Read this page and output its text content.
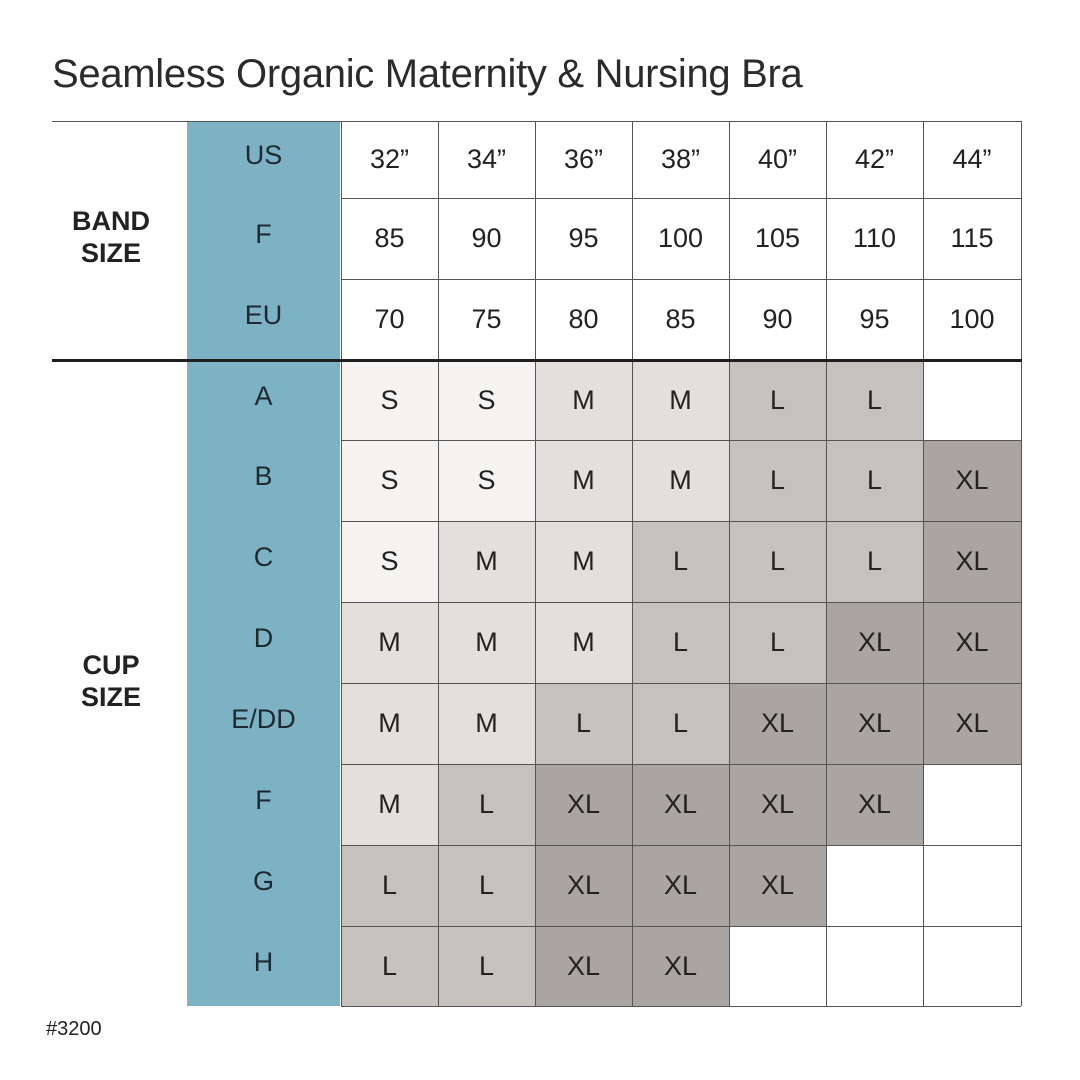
Seamless Organic Maternity & Nursing Bra
BAND
SIZE
CUP
SIZE
US	32”	34”	36”	38”	40”	42”	44”
F	85	90	95	100	105	110	115
EU	70	75	80	85	90	95	100
A	S	S	M	M	L	L
B	S	S	M	M	L	L	XL
C	S	M	M	L	L	L	XL
D	M	M	M	L	L	XL	XL
E/DD	M	M	L	L	XL	XL	XL
F	M	L	XL	XL	XL	XL
G	L	L	XL	XL	XL
H	L	L	XL	XL
#3200
